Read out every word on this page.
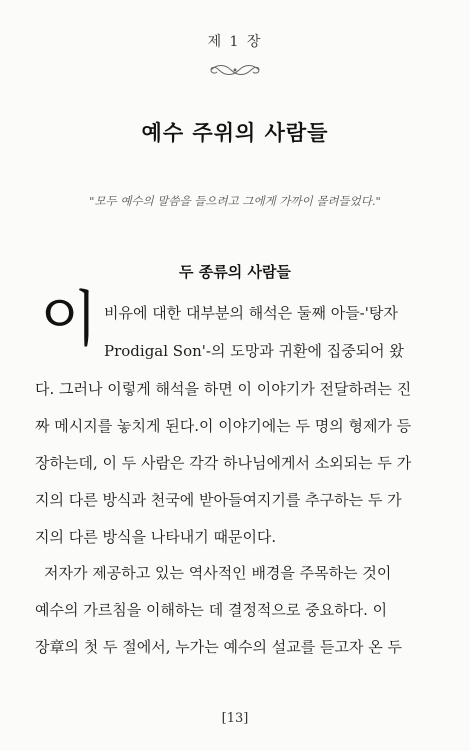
제 1 장
예수 주위의 사람들
"모두 예수의 말씀을 들으려고 그에게 가까이 몰려들었다."
두 종류의 사람들
이 비유에 대한 대부분의 해석은 둘째 아들-'탕자
Prodigal Son'-의 도망과 귀환에 집중되어 왔
다. 그러나 이렇게 해석을 하면 이 이야기가 전달하려는 진
짜 메시지를 놓치게 된다.이 이야기에는 두 명의 형제가 등
장하는데, 이 두 사람은 각각 하나님에게서 소외되는 두 가
지의 다른 방식과 천국에 받아들여지기를 추구하는 두 가
지의 다른 방식을 나타내기 때문이다.
저자가 제공하고 있는 역사적인 배경을 주목하는 것이
예수의 가르침을 이해하는 데 결정적으로 중요하다. 이
장章의 첫 두 절에서, 누가는 예수의 설교를 듣고자 온 두
[13]
